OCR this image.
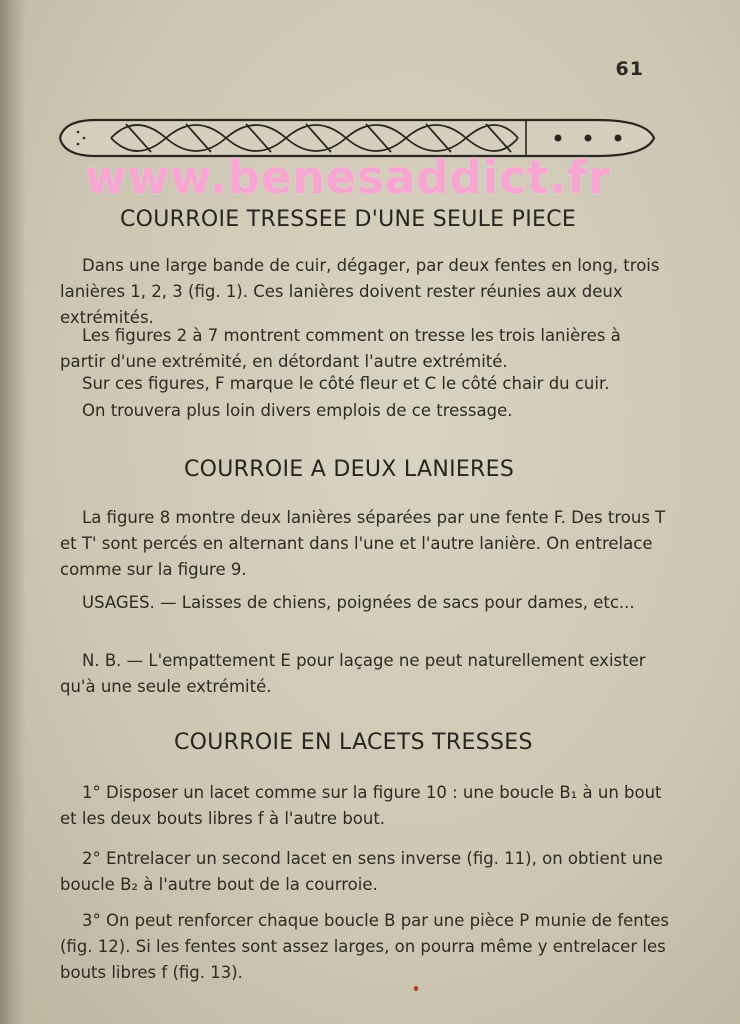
61
www.benesaddict.fr
COURROIE TRESSEE D'UNE SEULE PIECE

Dans une large bande de cuir, dégager, par deux fentes en long, trois lanières 1, 2, 3 (fig. 1). Ces lanières doivent rester réunies aux deux extrémités.

Les figures 2 à 7 montrent comment on tresse les trois lanières à partir d'une extrémité, en détordant l'autre extrémité.

Sur ces figures, F marque le côté fleur et C le côté chair du cuir.

On trouvera plus loin divers emplois de ce tressage.

COURROIE A DEUX LANIERES

La figure 8 montre deux lanières séparées par une fente F. Des trous T et T' sont percés en alternant dans l'une et l'autre lanière. On entrelace comme sur la figure 9.

USAGES. — Laisses de chiens, poignées de sacs pour dames, etc...

N. B. — L'empattement E pour laçage ne peut naturellement exister qu'à une seule extrémité.

COURROIE EN LACETS TRESSES

1° Disposer un lacet comme sur la figure 10 : une boucle B₁ à un bout et les deux bouts libres f à l'autre bout.

2° Entrelacer un second lacet en sens inverse (fig. 11), on obtient une boucle B₂ à l'autre bout de la courroie.

3° On peut renforcer chaque boucle B par une pièce P munie de fentes (fig. 12). Si les fentes sont assez larges, on pourra même y entrelacer les bouts libres f (fig. 13).
